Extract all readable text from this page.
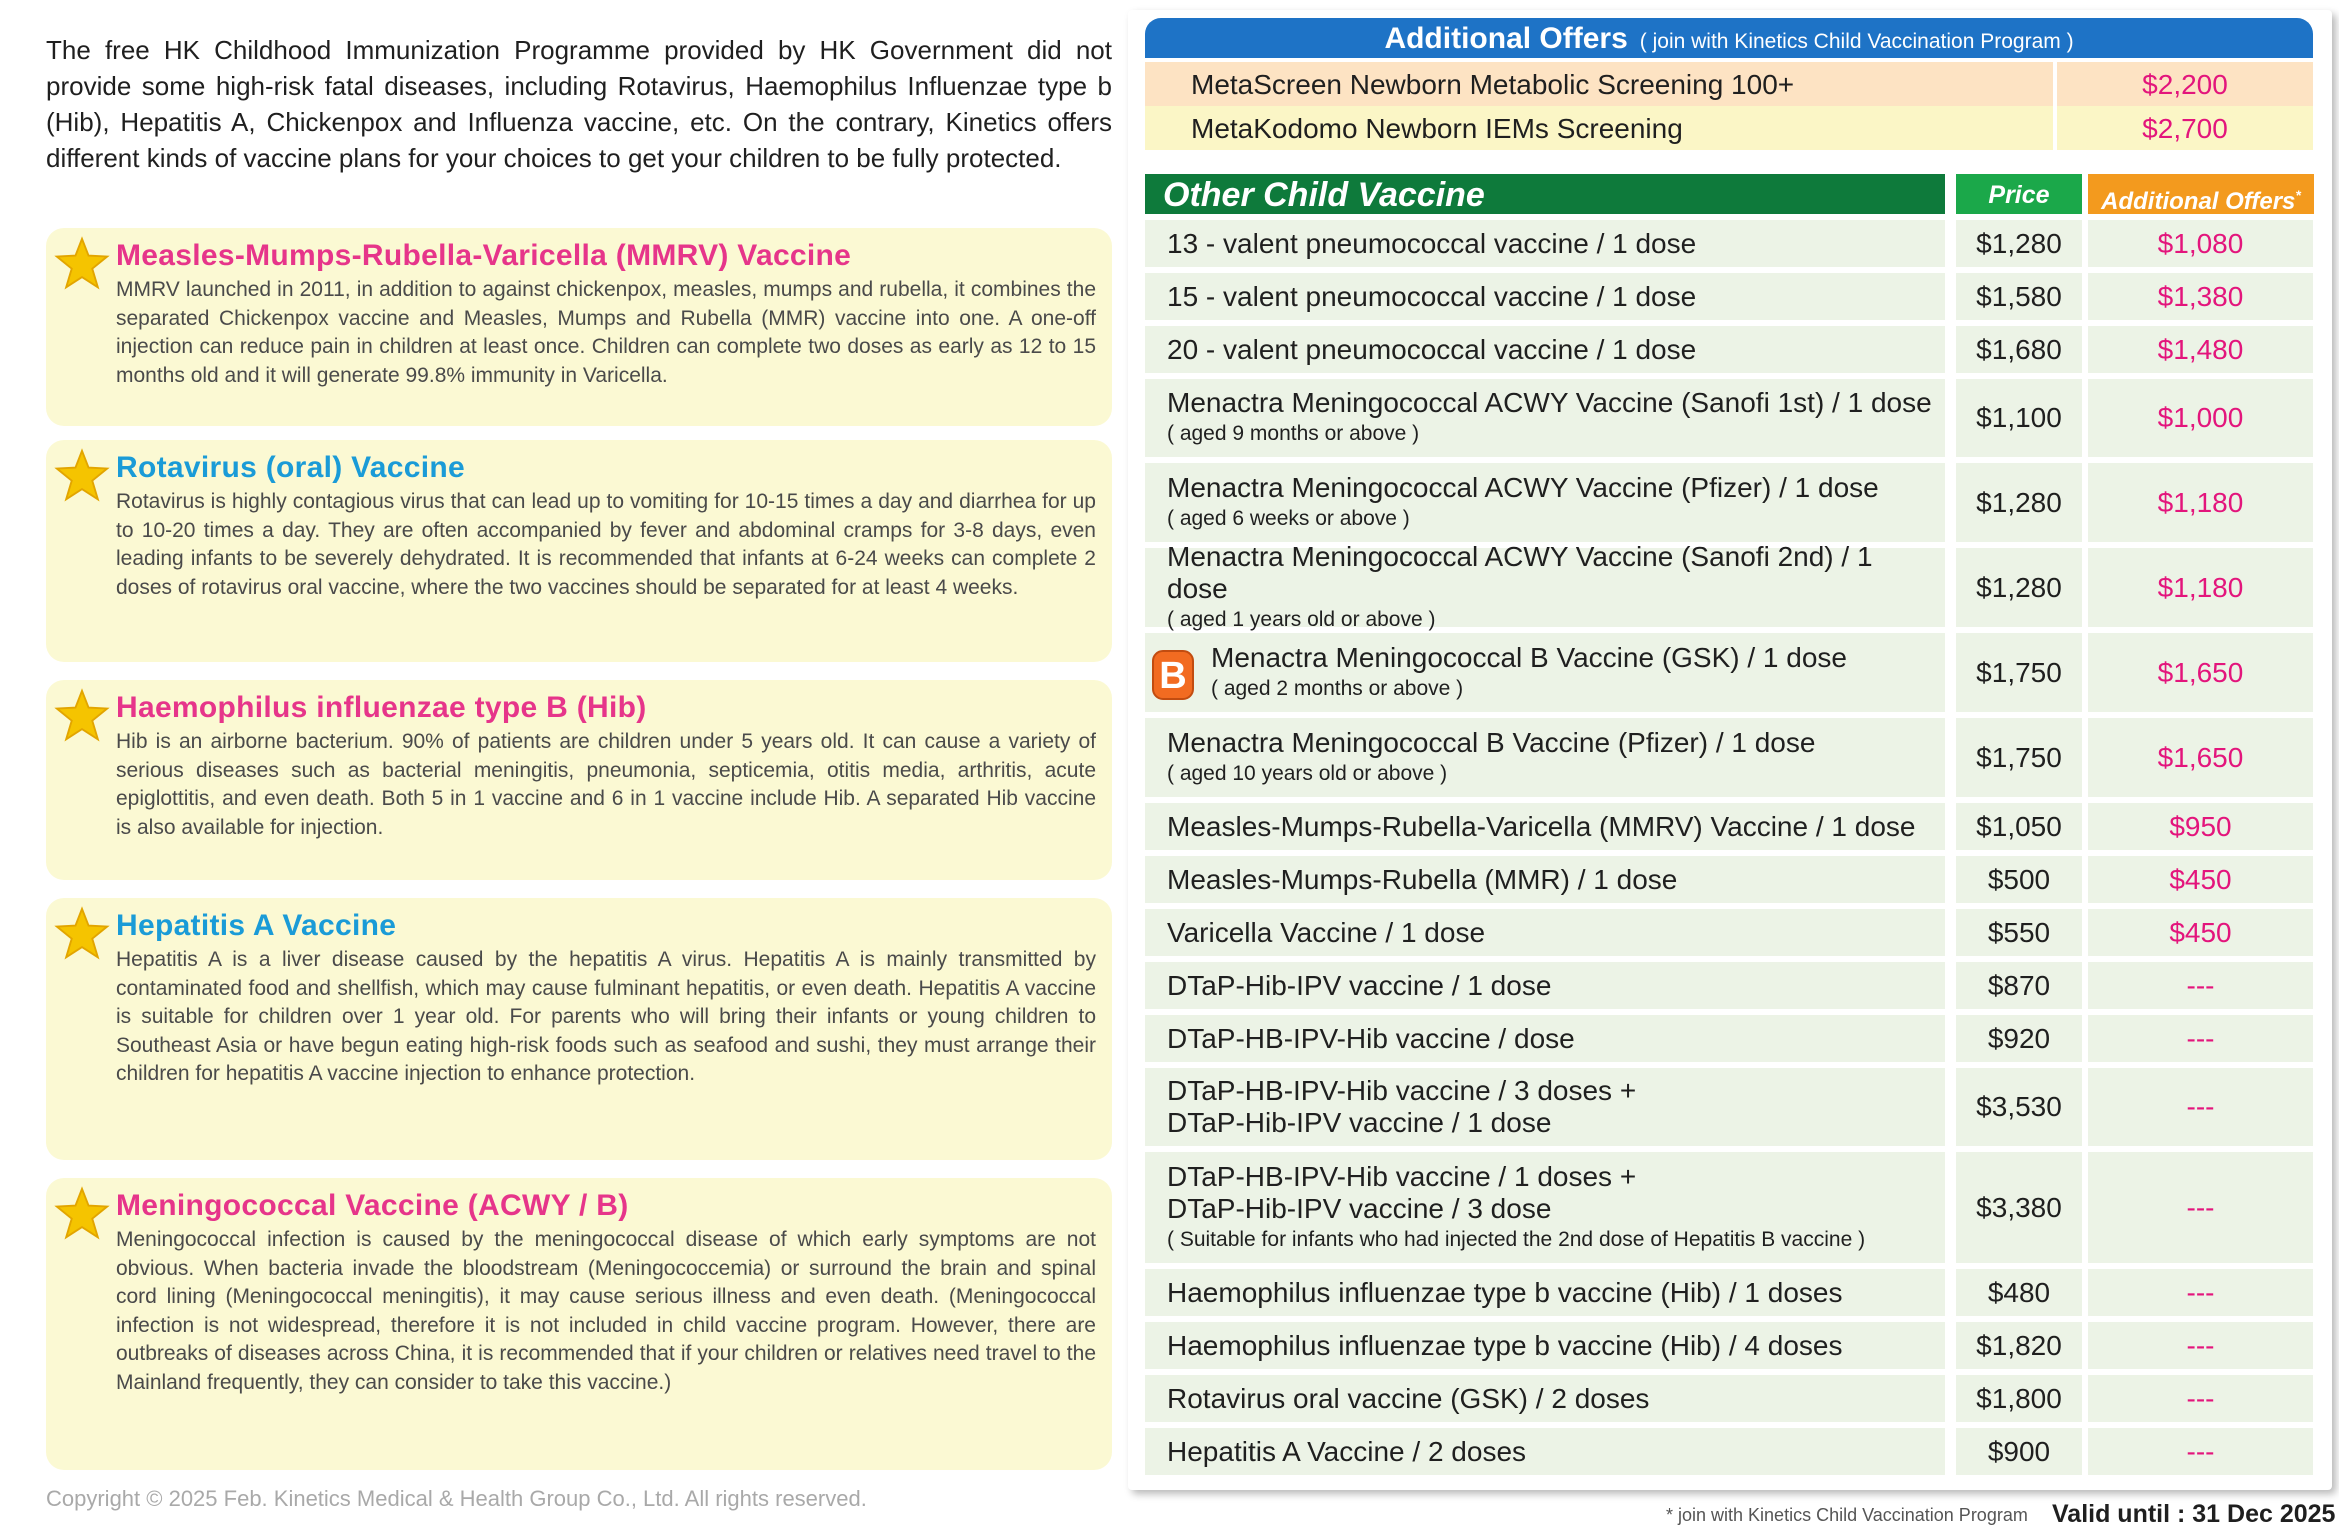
The free HK Childhood Immunization Programme provided by HK Government did not provide some high-risk fatal diseases, including Rotavirus, Haemophilus Influenzae type b (Hib), Hepatitis A, Chickenpox and Influenza vaccine, etc. On the contrary, Kinetics offers different kinds of vaccine plans for your choices to get your children to be fully protected.
Measles-Mumps-Rubella-Varicella (MMRV) Vaccine

MMRV launched in 2011, in addition to against chickenpox, measles, mumps and rubella, it combines the separated Chickenpox vaccine and Measles, Mumps and Rubella (MMR) vaccine into one. A one-off injection can reduce pain in children at least once. Children can complete two doses as early as 12 to 15 months old and it will generate 99.8% immunity in Varicella.

Rotavirus (oral) Vaccine

Rotavirus is highly contagious virus that can lead up to vomiting for 10-15 times a day and diarrhea for up to 10-20 times a day. They are often accompanied by fever and abdominal cramps for 3-8 days, even leading infants to be severely dehydrated. It is recommended that infants at 6-24 weeks can complete 2 doses of rotavirus oral vaccine, where the two vaccines should be separated for at least 4 weeks.

Haemophilus influenzae type B (Hib)

Hib is an airborne bacterium. 90% of patients are children under 5 years old. It can cause a variety of serious diseases such as bacterial meningitis, pneumonia, septicemia, otitis media, arthritis, acute epiglottitis, and even death. Both 5 in 1 vaccine and 6 in 1 vaccine include Hib. A separated Hib vaccine is also available for injection.

Hepatitis A Vaccine

Hepatitis A is a liver disease caused by the hepatitis A virus. Hepatitis A is mainly transmitted by contaminated food and shellfish, which may cause fulminant hepatitis, or even death. Hepatitis A vaccine is suitable for children over 1 year old. For parents who will bring their infants or young children to Southeast Asia or have begun eating high-risk foods such as seafood and sushi, they must arrange their children for hepatitis A vaccine injection to enhance protection.

Meningococcal Vaccine (ACWY / B)

Meningococcal infection is caused by the meningococcal disease of which early symptoms are not obvious. When bacteria invade the bloodstream (Meningococcemia) or surround the brain and spinal cord lining (Meningococcal meningitis), it may cause serious illness and even death. (Meningococcal infection is not widespread, therefore it is not included in child vaccine program. However, there are outbreaks of diseases across China, it is recommended that if your children or relatives need travel to the Mainland frequently, they can consider to take this vaccine.)

Copyright © 2025 Feb. Kinetics Medical & Health Group Co., Ltd. All rights reserved.
Additional Offers ( join with Kinetics Child Vaccination Program )
MetaScreen Newborn Metabolic Screening 100+	$2,200
MetaKodomo Newborn IEMs Screening	$2,700
Other Child Vaccine	Price	Additional Offers*
13 - valent pneumococcal vaccine / 1 dose	$1,280	$1,080
15 - valent pneumococcal vaccine / 1 dose	$1,580	$1,380
20 - valent pneumococcal vaccine / 1 dose	$1,680	$1,480
Menactra Meningococcal ACWY Vaccine (Sanofi 1st) / 1 dose
( aged 9 months or above )
$1,100	$1,000
Menactra Meningococcal ACWY Vaccine (Pfizer) / 1 dose
( aged 6 weeks or above )
$1,280	$1,180
Menactra Meningococcal ACWY Vaccine (Sanofi 2nd) / 1 dose
( aged 1 years old or above )
$1,280	$1,180
Menactra Meningococcal B Vaccine (GSK) / 1 dose
( aged 2 months or above )
$1,750	$1,650
Menactra Meningococcal B Vaccine (Pfizer) / 1 dose
( aged 10 years old or above )
$1,750	$1,650
Measles-Mumps-Rubella-Varicella (MMRV) Vaccine / 1 dose	$1,050	$950
Measles-Mumps-Rubella (MMR) / 1 dose	$500	$450
Varicella Vaccine / 1 dose	$550	$450
DTaP-Hib-IPV vaccine / 1 dose	$870	---
DTaP-HB-IPV-Hib vaccine / dose	$920	---
DTaP-HB-IPV-Hib vaccine / 3 doses +
DTaP-Hib-IPV vaccine / 1 dose
$3,530	---
DTaP-HB-IPV-Hib vaccine / 1 doses +
DTaP-Hib-IPV vaccine / 3 dose
( Suitable for infants who had injected the 2nd dose of Hepatitis B vaccine )
$3,380	---
Haemophilus influenzae type b vaccine (Hib) / 1 doses	$480	---
Haemophilus influenzae type b vaccine (Hib) / 4 doses	$1,820	---
Rotavirus oral vaccine (GSK) / 2 doses	$1,800	---
Hepatitis A Vaccine / 2 doses	$900	---
B
* join with Kinetics Child Vaccination Program Valid until : 31 Dec 2025
